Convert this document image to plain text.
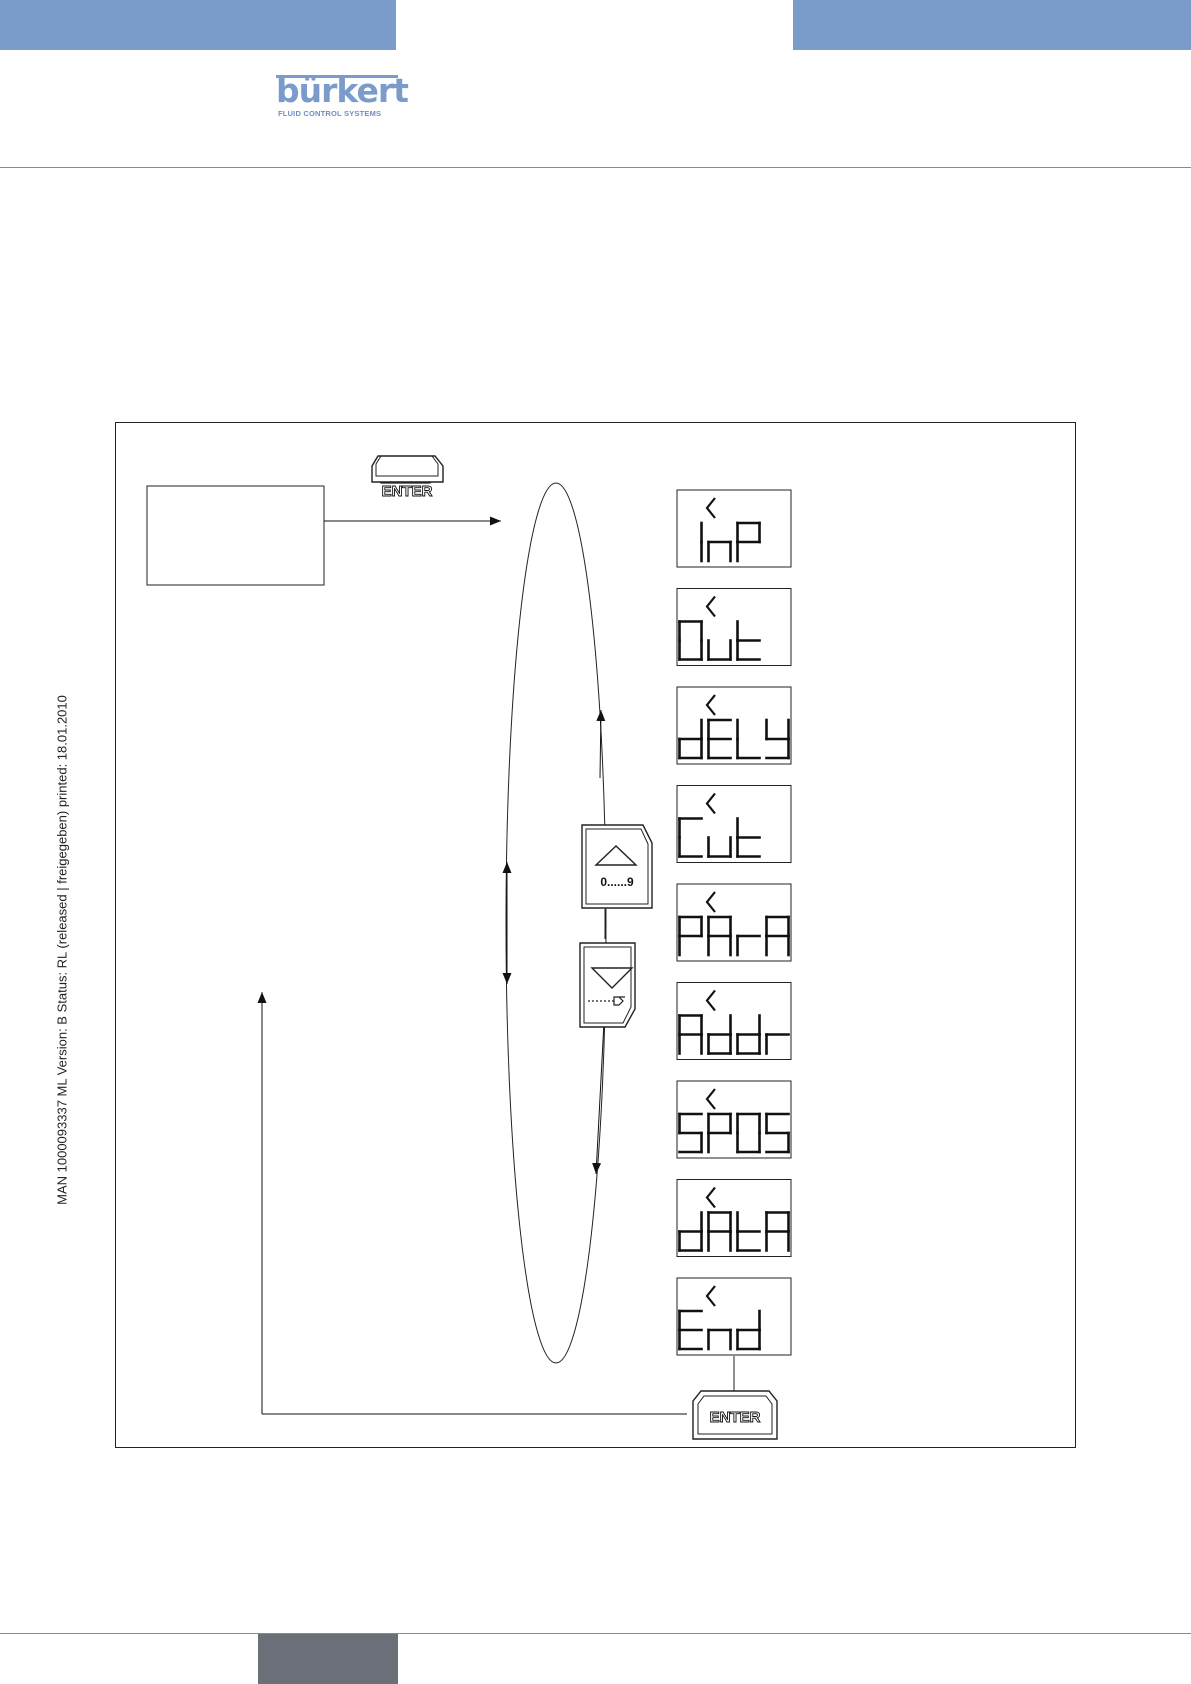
bürkert
FLUID CONTROL SYSTEMS
MAN 1000093337 ML Version: B Status: RL (released | freigegeben) printed: 18.01.2010
ENTER
0......9
ENTER
